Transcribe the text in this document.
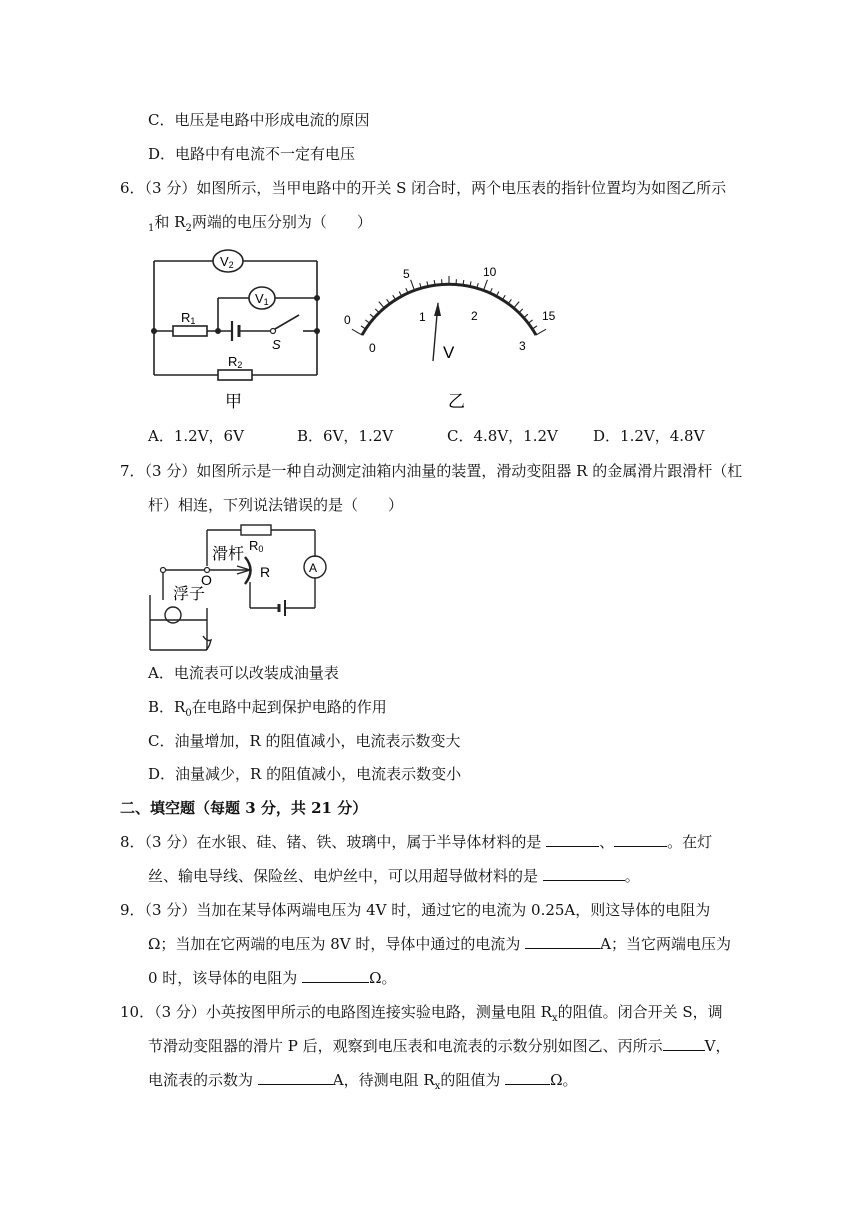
C．电压是电路中形成电流的原因
D．电路中有电流不一定有电压
6．（3 分）如图所示，当甲电路中的开关 S 闭合时，两个电压表的指针位置均为如图乙所示
$_1$和 $R_2$两端的电压分别为（　　）
V2
V1
R1
R2
S
甲
0
5	10
15
0
1	2
3
V
乙
A．1.2V，6V	B．6V，1.2V	C．4.8V，1.2V D．1.2V，4.8V
7．（3 分）如图所示是一种自动测定油箱内油量的装置，滑动变阻器 R 的金属滑片跟滑杆（杠
杆）相连，下列说法错误的是（　　）
R0
滑杆
O	R	A
浮子
A．电流表可以改装成油量表
B．$R_0$在电路中起到保护电路的作用
C．油量增加，R 的阻值减小，电流表示数变大
D．油量减少，R 的阻值减小，电流表示数变小
二、填空题（每题 3 分，共 21 分）
8．（3 分）在水银、硅、锗、铁、玻璃中，属于半导体材料的是	、	。在灯
丝、输电导线、保险丝、电炉丝中，可以用超导做材料的是	。
9．（3 分）当加在某导体两端电压为 4V 时，通过它的电流为 0.25A，则这导体的电阻为
Ω；当加在它两端的电压为 8V 时，导体中通过的电流为	A；当它两端电压为
0 时，该导体的电阻为	Ω。
10．（3 分）小英按图甲所示的电路图连接实验电路，测量电阻 $R_x$的阻值。闭合开关 S，调
节滑动变阻器的滑片 P 后，观察到电压表和电流表的示数分别如图乙、丙所示	V，
电流表的示数为	A，待测电阻 $R_x$的阻值为	Ω。
